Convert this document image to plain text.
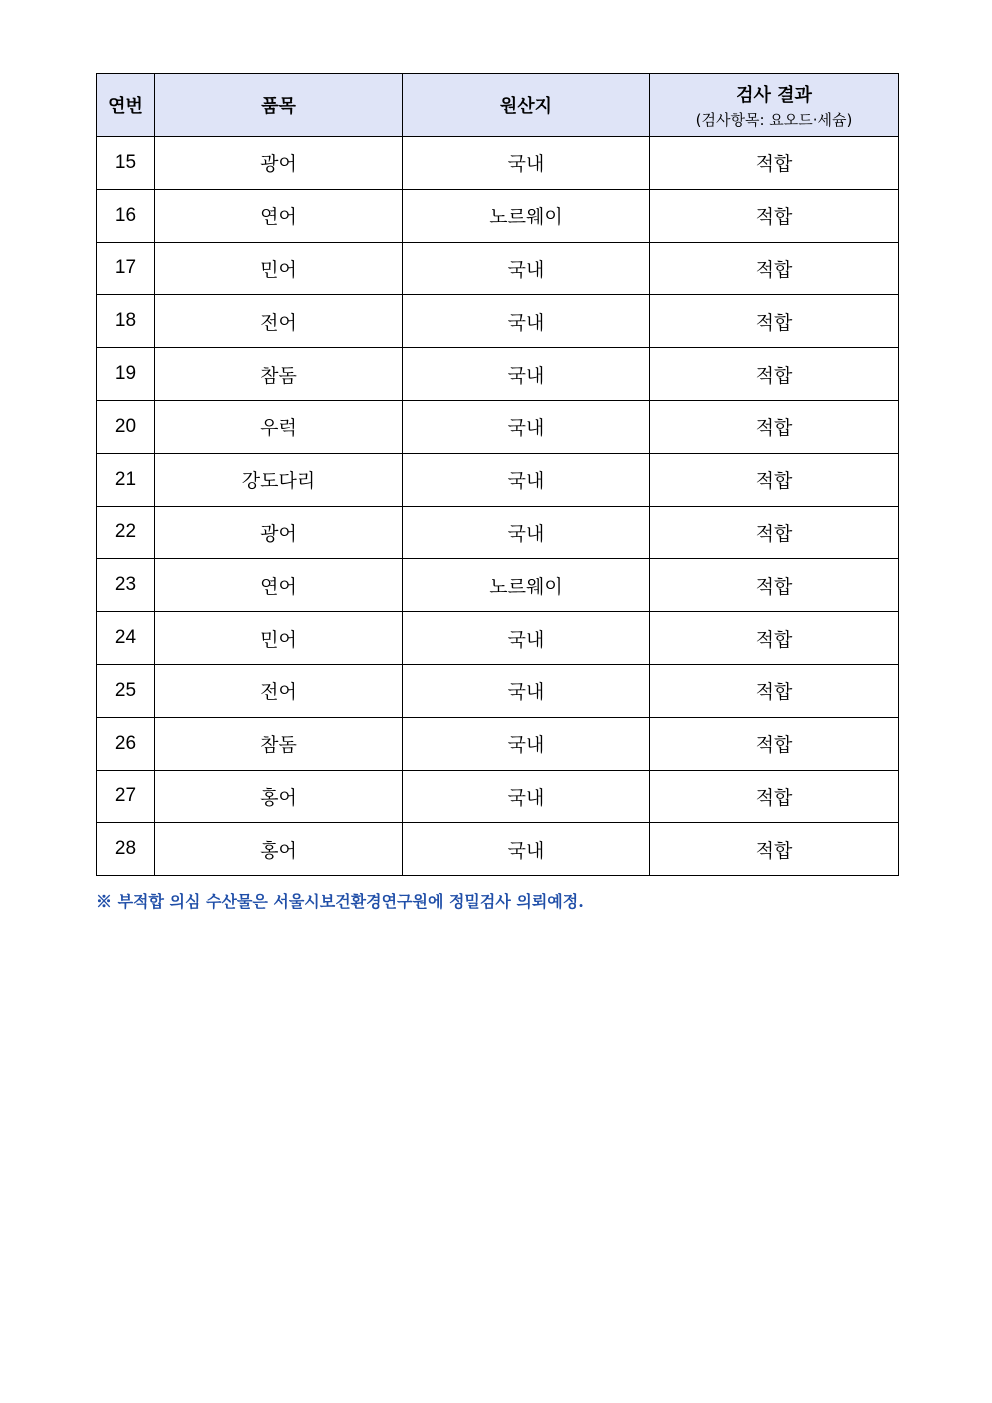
연번	품목	원산지	검사 결과
(검사항목: 요오드·세슘)

15	광어	국내	적합
16	연어	노르웨이	적합
17	민어	국내	적합
18	전어	국내	적합
19	참돔	국내	적합
20	우럭	국내	적합
21	강도다리	국내	적합
22	광어	국내	적합
23	연어	노르웨이	적합
24	민어	국내	적합
25	전어	국내	적합
26	참돔	국내	적합
27	홍어	국내	적합
28	홍어	국내	적합
※ 부적합 의심 수산물은 서울시보건환경연구원에 정밀검사 의뢰예정.
